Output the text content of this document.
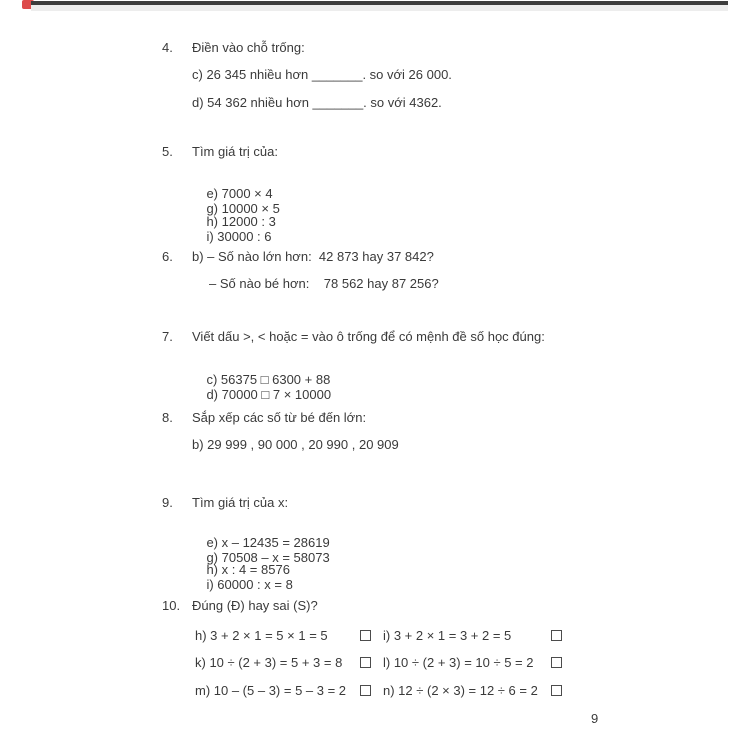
4.	Điền vào chỗ trống:
c) 26 345 nhiều hơn _______. so với 26 000.
d) 54 362 nhiều hơn _______. so với 4362.
5.	Tìm giá trị của:

e) 7000 × 4
g) 10000 × 5

h) 12000 : 3
i) 30000 : 6

6.	b) – Số nào lớn hơn:  42 873 hay 37 842?
– Số nào bé hơn:    78 562 hay 87 256?
7.	Viết dấu >, < hoặc = vào ô trống để có mệnh đề số học đúng:

c) 56375 □ 6300 + 88
d) 70000 □ 7 × 10000

8.	Sắp xếp các số từ bé đến lớn:
b) 29 999 , 90 000 , 20 990 , 20 909
9.	Tìm giá trị của x:

e) x – 12435 = 28619
g) 70508 – x = 58073

h) x : 4 = 8576
i) 60000 : x = 8

10. Đúng (Đ) hay sai (S)?
h) 3 + 2 × 1 = 5 × 1 = 5	i) 3 + 2 × 1 = 3 + 2 = 5
k) 10 ÷ (2 + 3) = 5 + 3 = 8	l) 10 ÷ (2 + 3) = 10 ÷ 5 = 2
m) 10 – (5 – 3) = 5 – 3 = 2	n) 12 ÷ (2 × 3) = 12 ÷ 6 = 2
9
